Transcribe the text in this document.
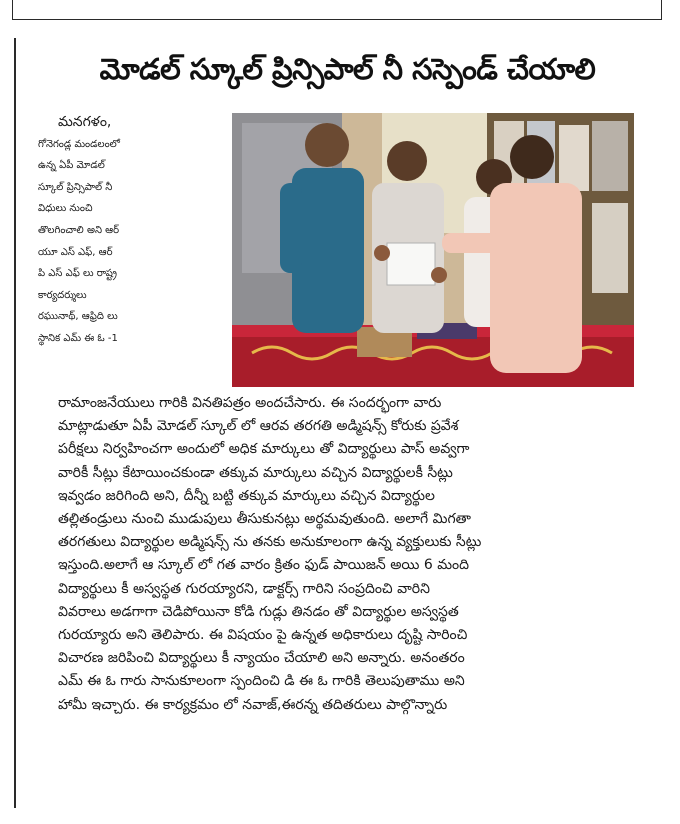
మోడల్ స్కూల్ ప్రిన్సిపాల్ నీ సస్పెండ్ చేయాలి
మనగళం,
గోనెగండ్ల మండలంలో
ఉన్న ఏపీ మోడల్
స్కూల్ ప్రిన్సిపాల్ నీ
విధులు నుంచి
తొలగించాలి అని ఆర్
యూ ఎస్ ఎఫ్, ఆర్
పి ఎస్ ఎఫ్ లు రాష్ట్ర
కార్యదర్శులు
రఘునాథ్, ఆఫ్రిది లు
స్థానిక ఎమ్ ఈ ఓ -1
రామాంజనేయులు గారికి వినతిపత్రం అందచేసారు. ఈ సందర్భంగా వారు
మాట్లాడుతూ ఏపీ మోడల్ స్కూల్ లో ఆరవ తరగతి అడ్మిషన్స్ కోరుకు ప్రవేశ
పరీక్షలు నిర్వహించగా అందులో అధిక మార్కులు తో విద్యార్థులు పాస్ అవ్వగా
వారికీ సీట్లు కేటాయించకుండా తక్కువ మార్కులు వచ్చిన విద్యార్థులకీ సీట్లు
ఇవ్వడం జరిగింది అని, దీన్నీ బట్టి తక్కువ మార్కులు వచ్చిన విద్యార్థుల
తల్లితండ్రులు నుంచి ముడుపులు తీసుకునట్లు అర్థమవుతుంది. అలాగే మిగతా
తరగతులు విద్యార్థుల అడ్మిషన్స్ ను తనకు అనుకూలంగా ఉన్న వ్యక్తులుకు సీట్లు
ఇస్తుంది.అలాగే ఆ స్కూల్ లో గత వారం క్రితం ఫుడ్ పాయిజన్ అయి 6 మంది
విద్యార్థులు కీ అస్వస్థత గురయ్యారని, డాక్టర్స్ గారిని సంప్రదించి వారిని
వివరాలు అడగాగా చెడిపోయినా కోడి గుడ్లు తినడం తో విద్యార్థుల అస్వస్థత
గురయ్యారు అని తెలిపారు. ఈ విషయం పై ఉన్నత అధికారులు దృష్టి సారించి
విచారణ జరిపించి విద్యార్థులు కీ న్యాయం చేయాలి అని అన్నారు. అనంతరం
ఎమ్ ఈ ఓ గారు సానుకూలంగా స్పందించి డి ఈ ఓ గారికి తెలుపుతాము అని
హామీ ఇచ్చారు. ఈ కార్యక్రమం లో నవాజ్,ఈరన్న తదితరులు పాల్గొన్నారు
